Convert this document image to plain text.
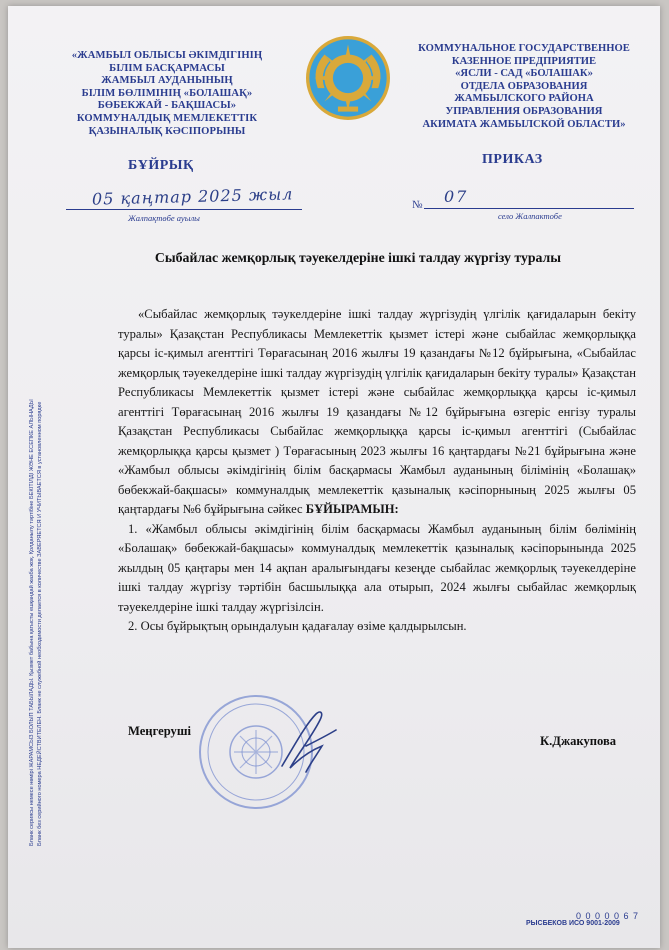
«ЖАМБЫЛ ОБЛЫСЫ ӘКІМДІГІНІҢ
БІЛІМ БАСҚАРМАСЫ
ЖАМБЫЛ АУДАНЫНЫҢ
БІЛІМ БӨЛІМІНІҢ «БОЛАШАҚ»
БӨБЕКЖАЙ - БАҚШАСЫ»
КОММУНАЛДЫҚ МЕМЛЕКЕТТІК
ҚАЗЫНАЛЫҚ КӘСІПОРЫНЫ
КОММУНАЛЬНОЕ ГОСУДАРСТВЕННОЕ
КАЗЕННОЕ ПРЕДПРИЯТИЕ
«ЯСЛИ - САД «БОЛАШАК»
ОТДЕЛА ОБРАЗОВАНИЯ
ЖАМБЫЛСКОГО РАЙОНА
УПРАВЛЕНИЯ ОБРАЗОВАНИЯ
АКИМАТА ЖАМБЫЛСКОЙ ОБЛАСТИ»
БҰЙРЫҚ	ПРИКАЗ
05 қаңтар 2025 жыл
Жалпақтөбе ауылы
№ 07
село Жалпактобе
Сыбайлас жемқорлық тәуекелдеріне ішкі талдау жүргізу туралы

«Сыбайлас жемқорлық тәукелдеріне ішкі талдау жүргізудің үлгілік қағидаларын бекіту туралы» Қазақстан Республикасы Мемлекеттік қызмет істері және сыбайлас жемқорлыққа қарсы іс-қимыл агенттігі Төрағасынаң 2016 жылғы 19 қазандағы №12 бұйрығына, «Сыбайлас жемқорлық тәуекелдеріне ішкі талдау жүргізудің үлгілік қағидаларын бекіту туралы» Қазақстан Республикасы Мемлекеттік қызмет істері және сыбайлас жемқорлыққа қарсы іс-қимыл агенттігі Төрағасынаң 2016 жылғы 19 қазандағы №12 бұйрығына өзгеріс енгізу туралы Қазақстан Республикасы Сыбайлас жемқорлыққа қарсы іс-қимыл агенттігі (Сыбайлас жемқорлыққа қарсы қызмет ) Төрағасының 2023 жылғы 16 қаңтардағы №21 бұйрығына және «Жамбыл облысы әкімдігінің білім басқармасы Жамбыл ауданының білімінің «Болашақ» бөбекжай-бақшасы» коммуналдық мемлекеттік қазыналық кәсіпорнының 2025 жылғы 05 қаңтардағы №6 бұйрығына сәйкес БҰЙЫРАМЫН:

1. «Жамбыл облысы әкімдігінің білім басқармасы Жамбыл ауданының білім бөлімінің «Болашақ» бөбекжай-бақшасы» коммуналдық мемлекеттік қазыналық кәсіпорынында 2025 жылдың 05 қаңтары мен 14 ақпан аралығындағы кезеңде сыбайлас жемқорлық тәуекелдеріне ішкі талдау жүргізу тәртібін басшылыққа ала отырып, 2024 жылғы сыбайлас жемқорлық тәуекелдеріне ішкі талдау жүргізілсін.

2. Осы бұйрықтың орындалуын қадағалау өзіме қалдырылсын.

Меңгеруші
К.Джакупова
Бланк сериясы немесе нөмірі ЖАРАМСЫЗ БОЛЫП ТАБЫЛАДЫ. Қызмет бабына қатысты ешқандай жазба жоқ. Қолданылу тәртібіне БЕКІТІЛДІ ЖӘНЕ ЕСЕПКЕ АЛЫНАДЫ Бланк без серийного номера НЕДЕЙСТВИТЕЛЕН. Бланк не служебной необходимости делается в количестве ЗАВЕРЯЕТСЯ И УЧИТЫВАЕТСЯ в установленном порядке
0 0 0 0 0 6 7
РЫСБЕКОВ ИСО 9001-2009
